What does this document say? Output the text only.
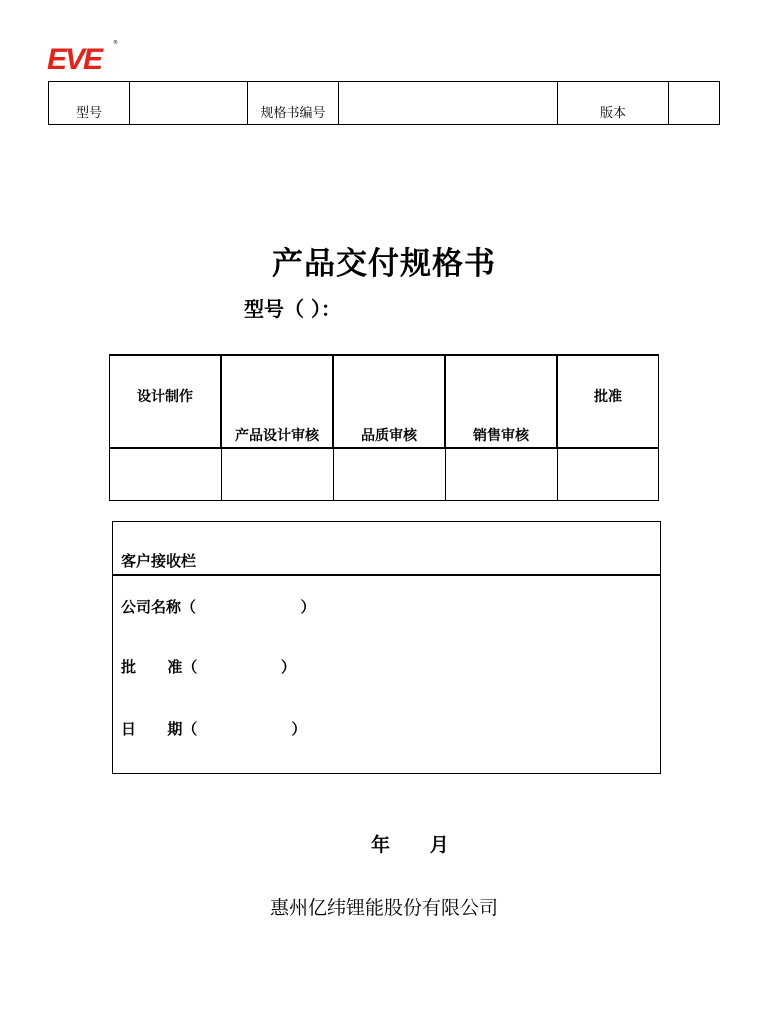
EVE	®
型号		规格书编号		版本	
产品交付规格书
型号（ ）：
设计制作	产品设计审核	品质审核	销售审核	批准

客户接收栏
公司名称（                    ）
批      准（                ）
日      期（                  ）
年      月
惠州亿纬锂能股份有限公司
